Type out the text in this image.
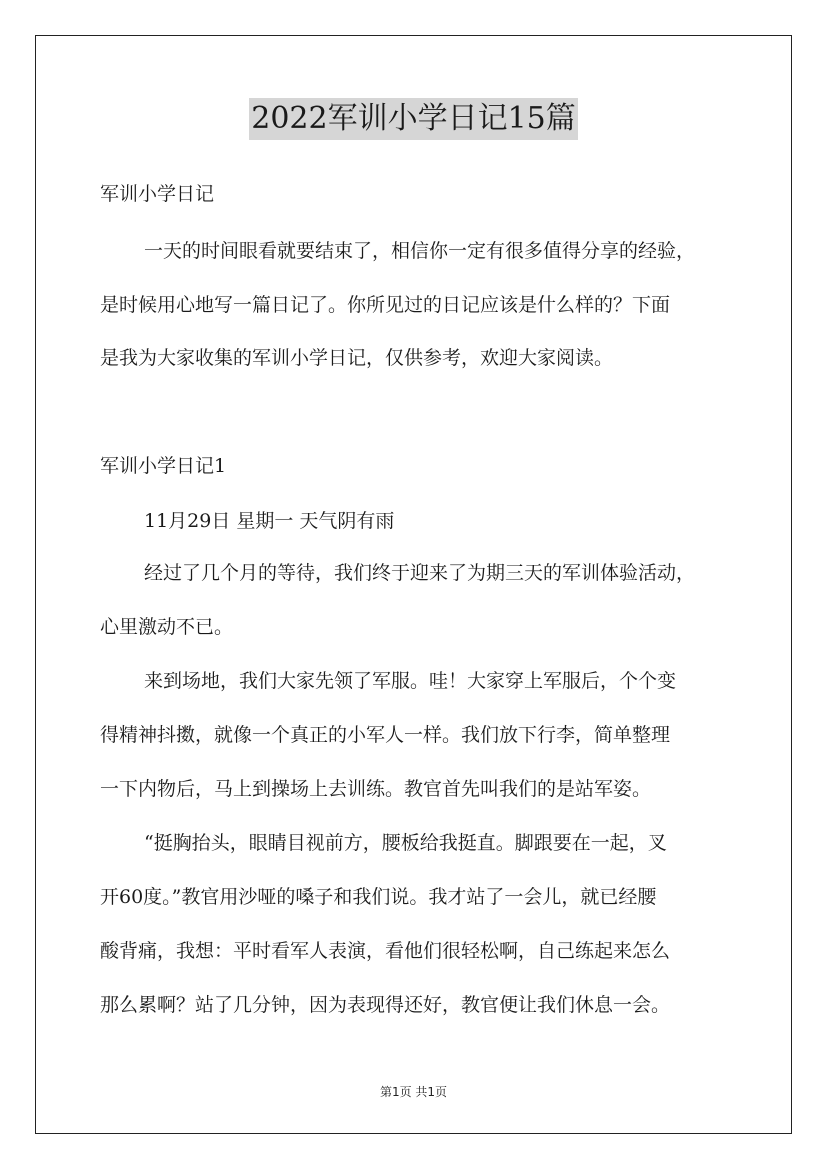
2022军训小学日记15篇

军训小学日记

一天的时间眼看就要结束了，相信你一定有很多值得分享的经验，

是时候用心地写一篇日记了。你所见过的日记应该是什么样的？下面

是我为大家收集的军训小学日记，仅供参考，欢迎大家阅读。

军训小学日记1

11月29日 星期一 天气阴有雨

经过了几个月的等待，我们终于迎来了为期三天的军训体验活动，

心里激动不已。

来到场地，我们大家先领了军服。哇！大家穿上军服后，个个变

得精神抖擞，就像一个真正的小军人一样。我们放下行李，简单整理

一下内物后，马上到操场上去训练。教官首先叫我们的是站军姿。

“挺胸抬头，眼睛目视前方，腰板给我挺直。脚跟要在一起，叉

开60度。”教官用沙哑的嗓子和我们说。我才站了一会儿，就已经腰

酸背痛，我想：平时看军人表演，看他们很轻松啊，自己练起来怎么

那么累啊？站了几分钟，因为表现得还好，教官便让我们休息一会。

第1页 共1页
